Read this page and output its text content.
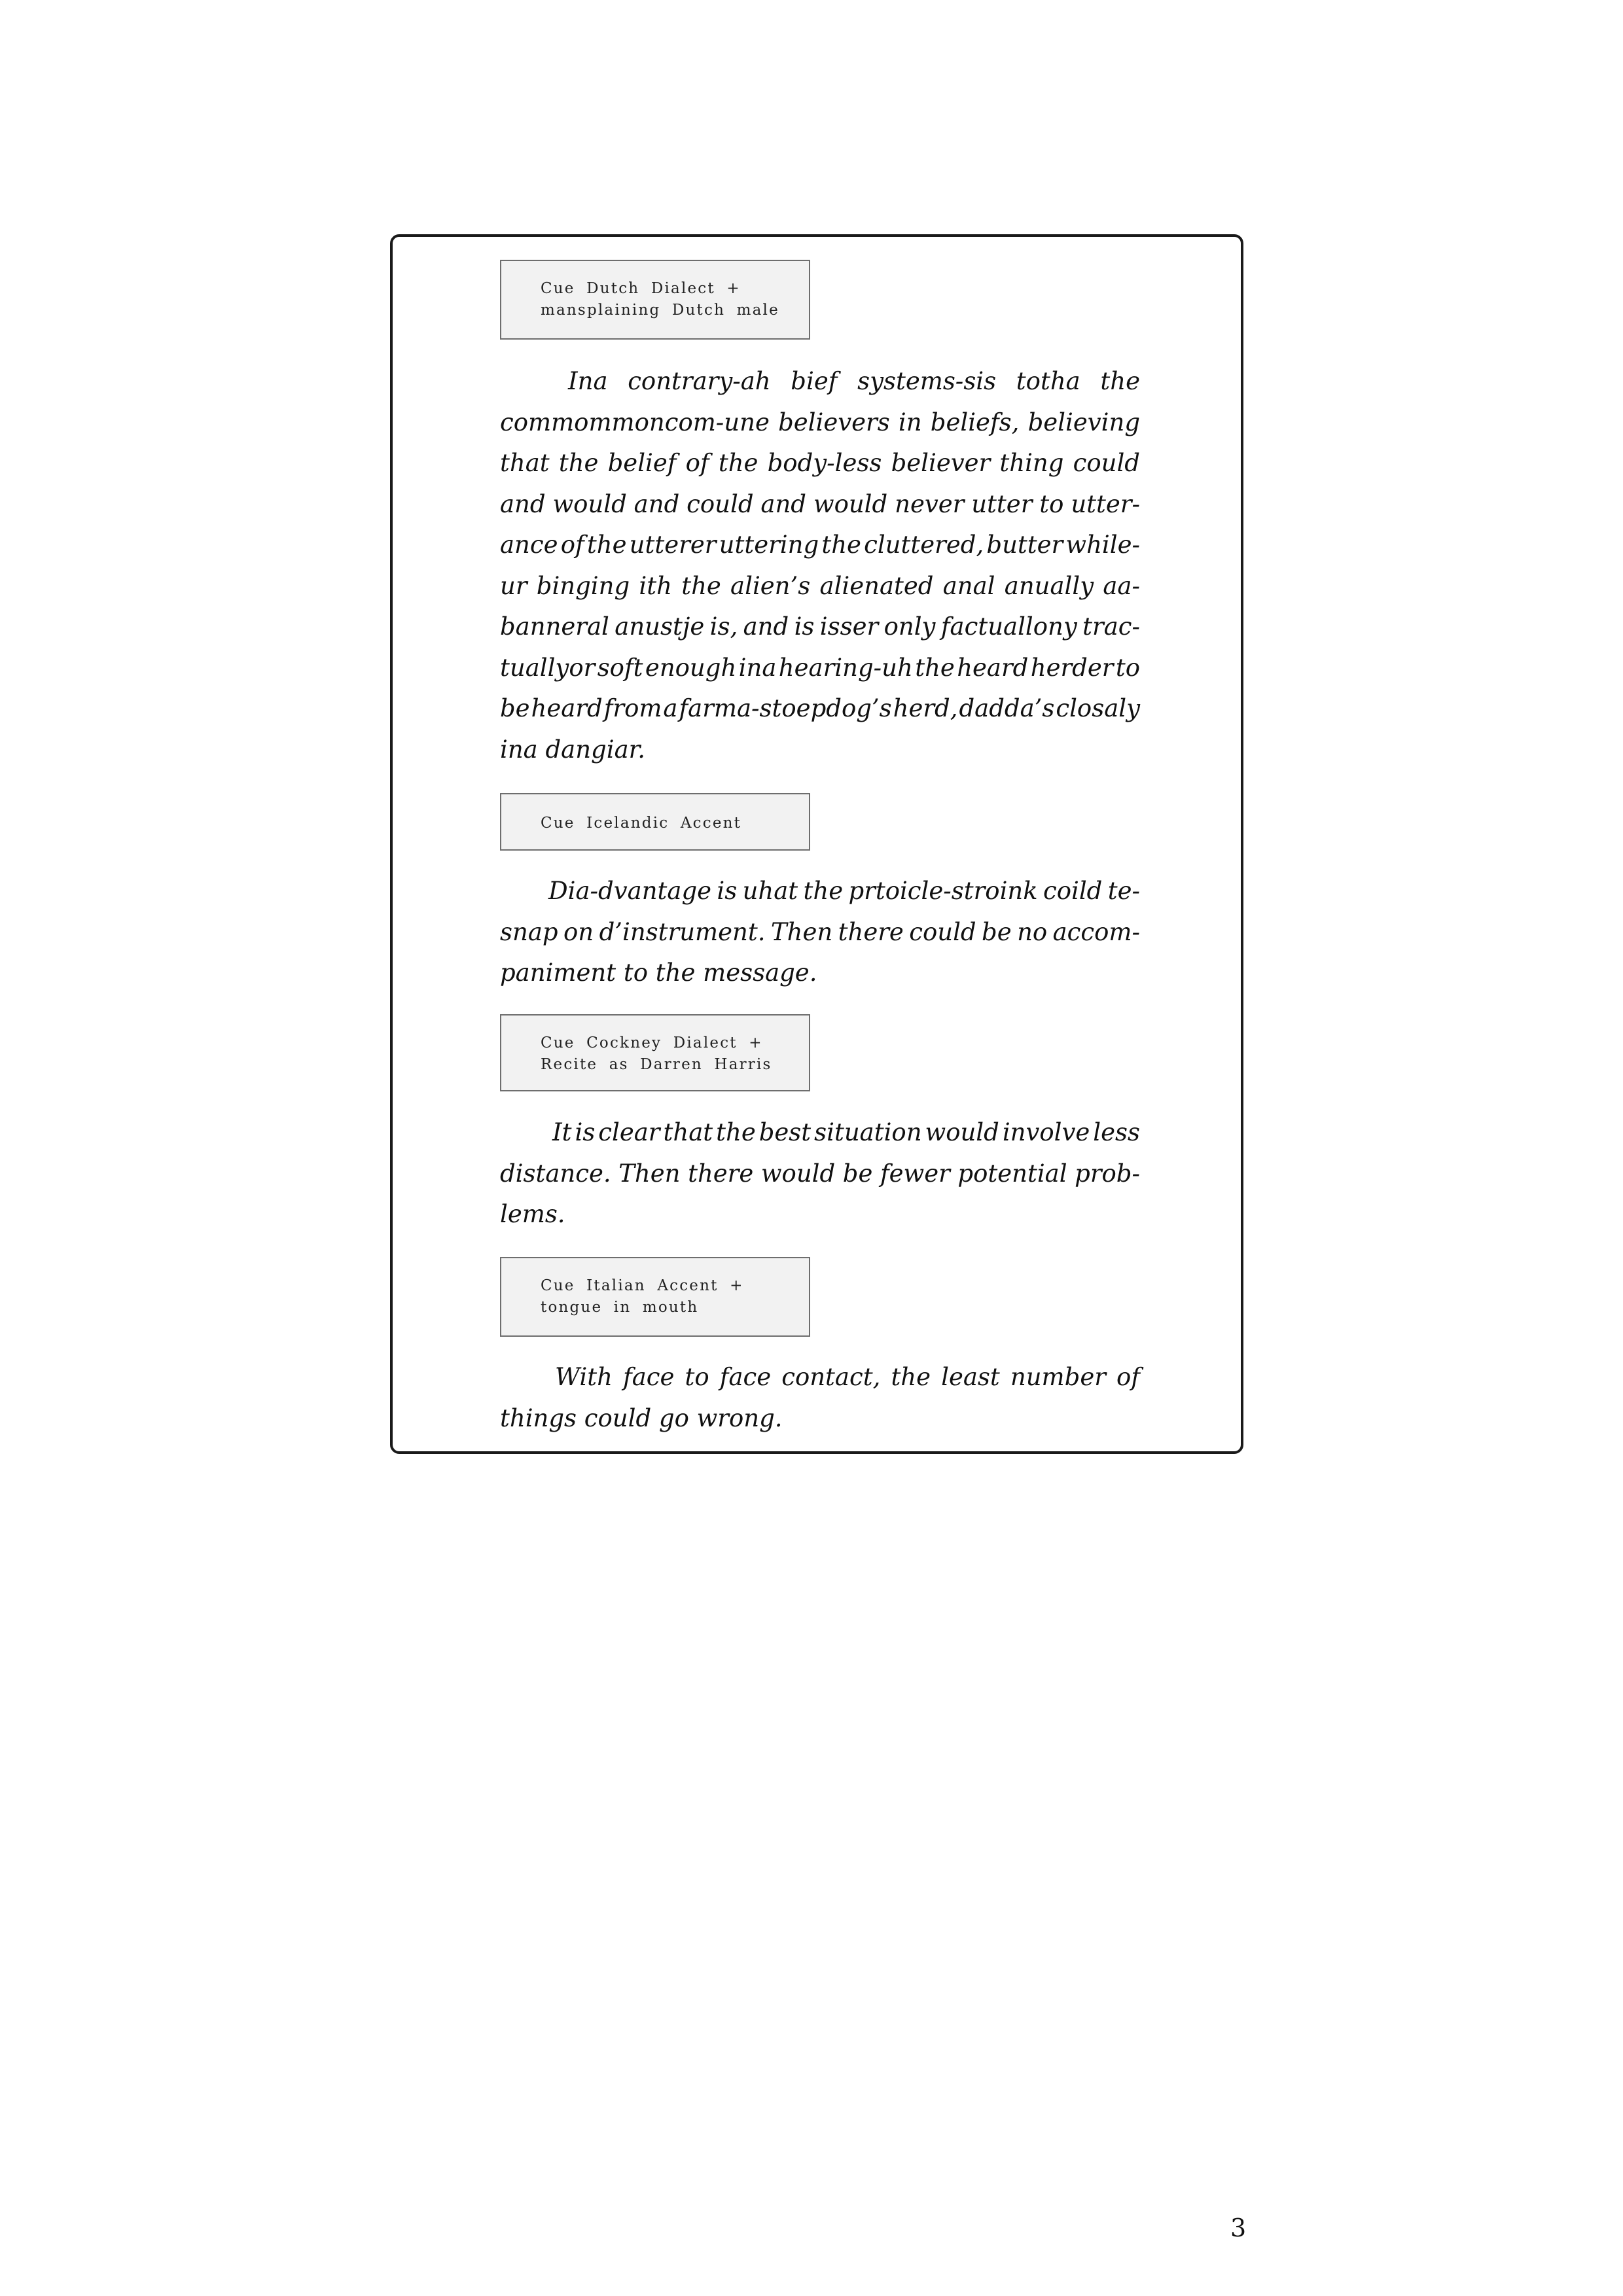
Cue Dutch Dialect +
mansplaining Dutch male
Ina contrary-ah bief systems-sis totha the
commommoncom-une believers in beliefs, believing
that the belief of the body-less believer thing could
and would and could and would never utter to utter-
ance of the utterer uttering the cluttered, butter while-
ur binging ith the alien’s alienated anal anually aa-
banneral anustje is, and is isser only factuallony trac-
tuallyor soft enough ina hearing-uh the heard herder to
be heard from a farma-stoepdog’s herd, dadda’s closaly
ina dangiar.
Cue Icelandic Accent
Dia-dvantage is uhat the prtoicle-stroink coild te-
snap on d’instrument. Then there could be no accom-
paniment to the message.
Cue Cockney Dialect +
Recite as Darren Harris
It is clear that the best situation would involve less
distance. Then there would be fewer potential prob-
lems.
Cue Italian Accent +
tongue in mouth
With face to face contact, the least number of
things could go wrong.
3
